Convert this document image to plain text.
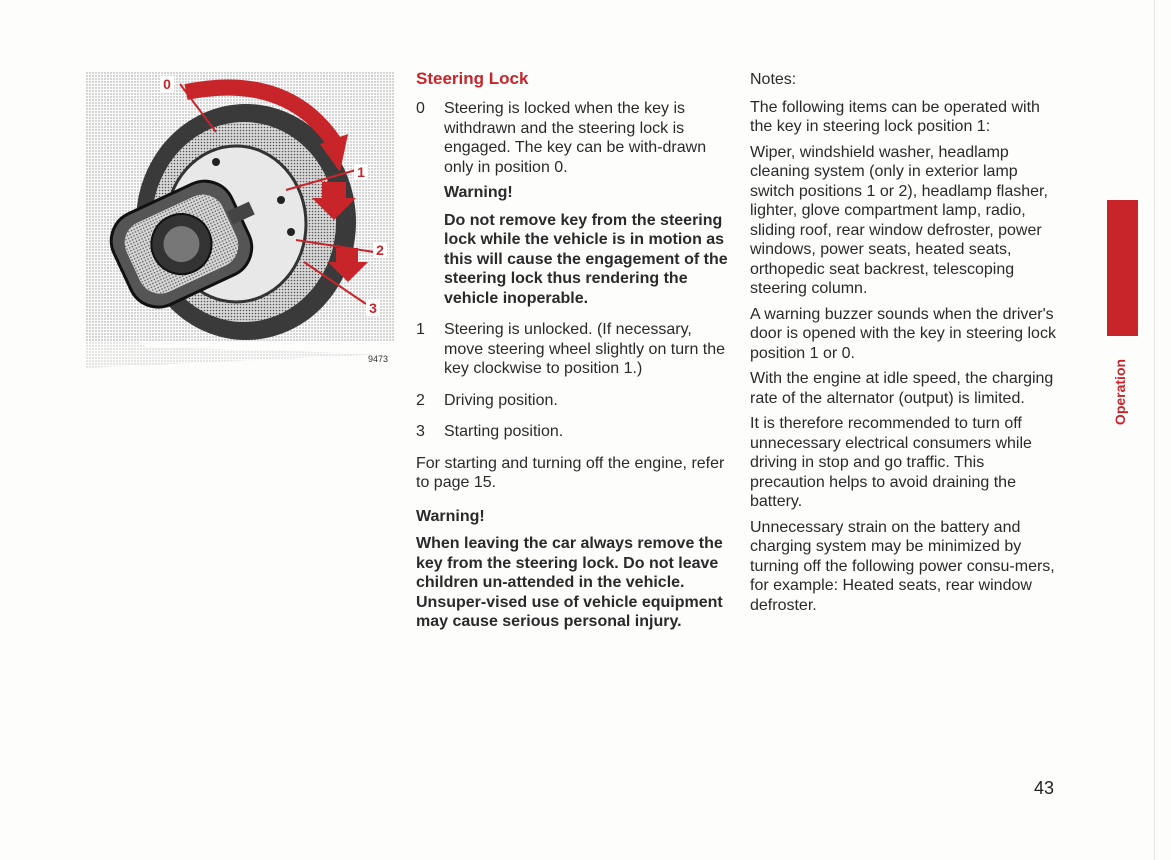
0
1
2
3
9473
Steering Lock
0	Steering is locked when the key is withdrawn and the steering lock is engaged. The key can be with-drawn only in position 0.

Warning!
Do not remove key from the steering lock while the vehicle is in motion as this will cause the engagement of the steering lock thus rendering the vehicle inoperable.
1	Steering is unlocked. (If necessary, move steering wheel slightly on turn the key clockwise to position 1.)

2	Driving position.

3	Starting position.

For starting and turning off the engine, refer to page 15.

Warning!
When leaving the car always remove the key from the steering lock. Do not leave children un-attended in the vehicle. Unsuper-vised use of vehicle equipment may cause serious personal injury.
Notes:

The following items can be operated with the key in steering lock position 1:

Wiper, windshield washer, headlamp cleaning system (only in exterior lamp switch positions 1 or 2), headlamp flasher, lighter, glove compartment lamp, radio, sliding roof, rear window defroster, power windows, power seats, heated seats, orthopedic seat backrest, telescoping steering column.

A warning buzzer sounds when the driver's door is opened with the key in steering lock position 1 or 0.

With the engine at idle speed, the charging rate of the alternator (output) is limited.

It is therefore recommended to turn off unnecessary electrical consumers while driving in stop and go traffic. This precaution helps to avoid draining the battery.

Unnecessary strain on the battery and charging system may be minimized by turning off the following power consu-mers, for example: Heated seats, rear window defroster.

Operation
43
